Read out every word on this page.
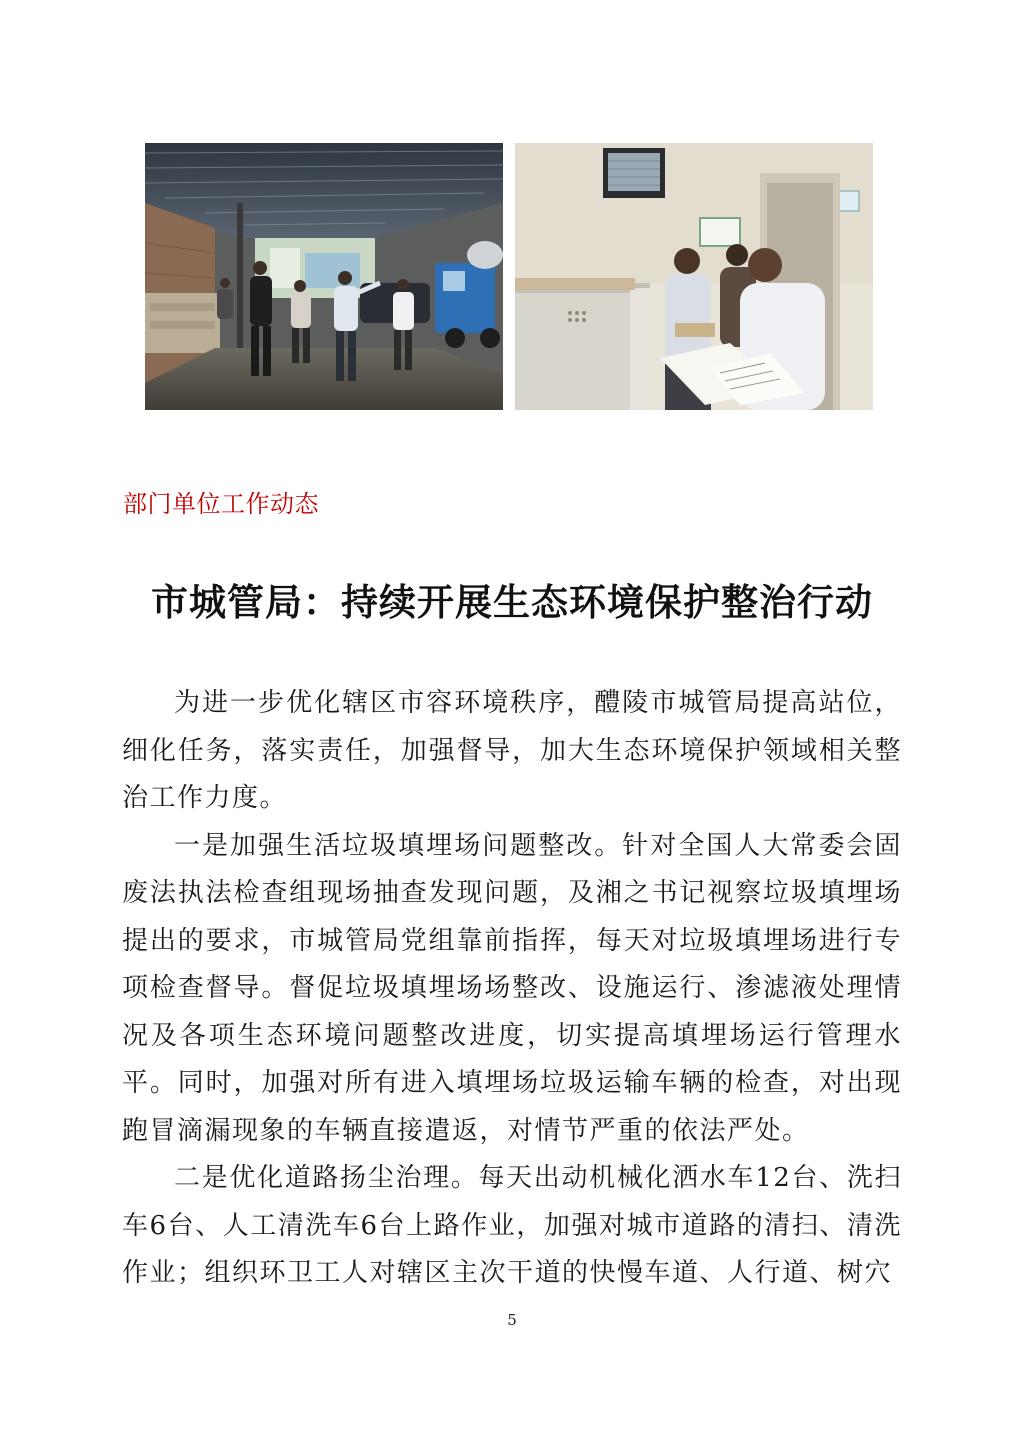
部门单位工作动态
市城管局：持续开展生态环境保护整治行动

为进一步优化辖区市容环境秩序，醴陵市城管局提高站位，细化任务，落实责任，加强督导，加大生态环境保护领域相关整治工作力度。

一是加强生活垃圾填埋场问题整改。针对全国人大常委会固废法执法检查组现场抽查发现问题，及湘之书记视察垃圾填埋场提出的要求，市城管局党组靠前指挥，每天对垃圾填埋场进行专项检查督导。督促垃圾填埋场场整改、设施运行、渗滤液处理情况及各项生态环境问题整改进度，切实提高填埋场运行管理水平。同时，加强对所有进入填埋场垃圾运输车辆的检查，对出现跑冒滴漏现象的车辆直接遣返，对情节严重的依法严处。

二是优化道路扬尘治理。每天出动机械化洒水车12台、洗扫车6台、人工清洗车6台上路作业，加强对城市道路的清扫、清洗作业；组织环卫工人对辖区主次干道的快慢车道、人行道、树穴

5
